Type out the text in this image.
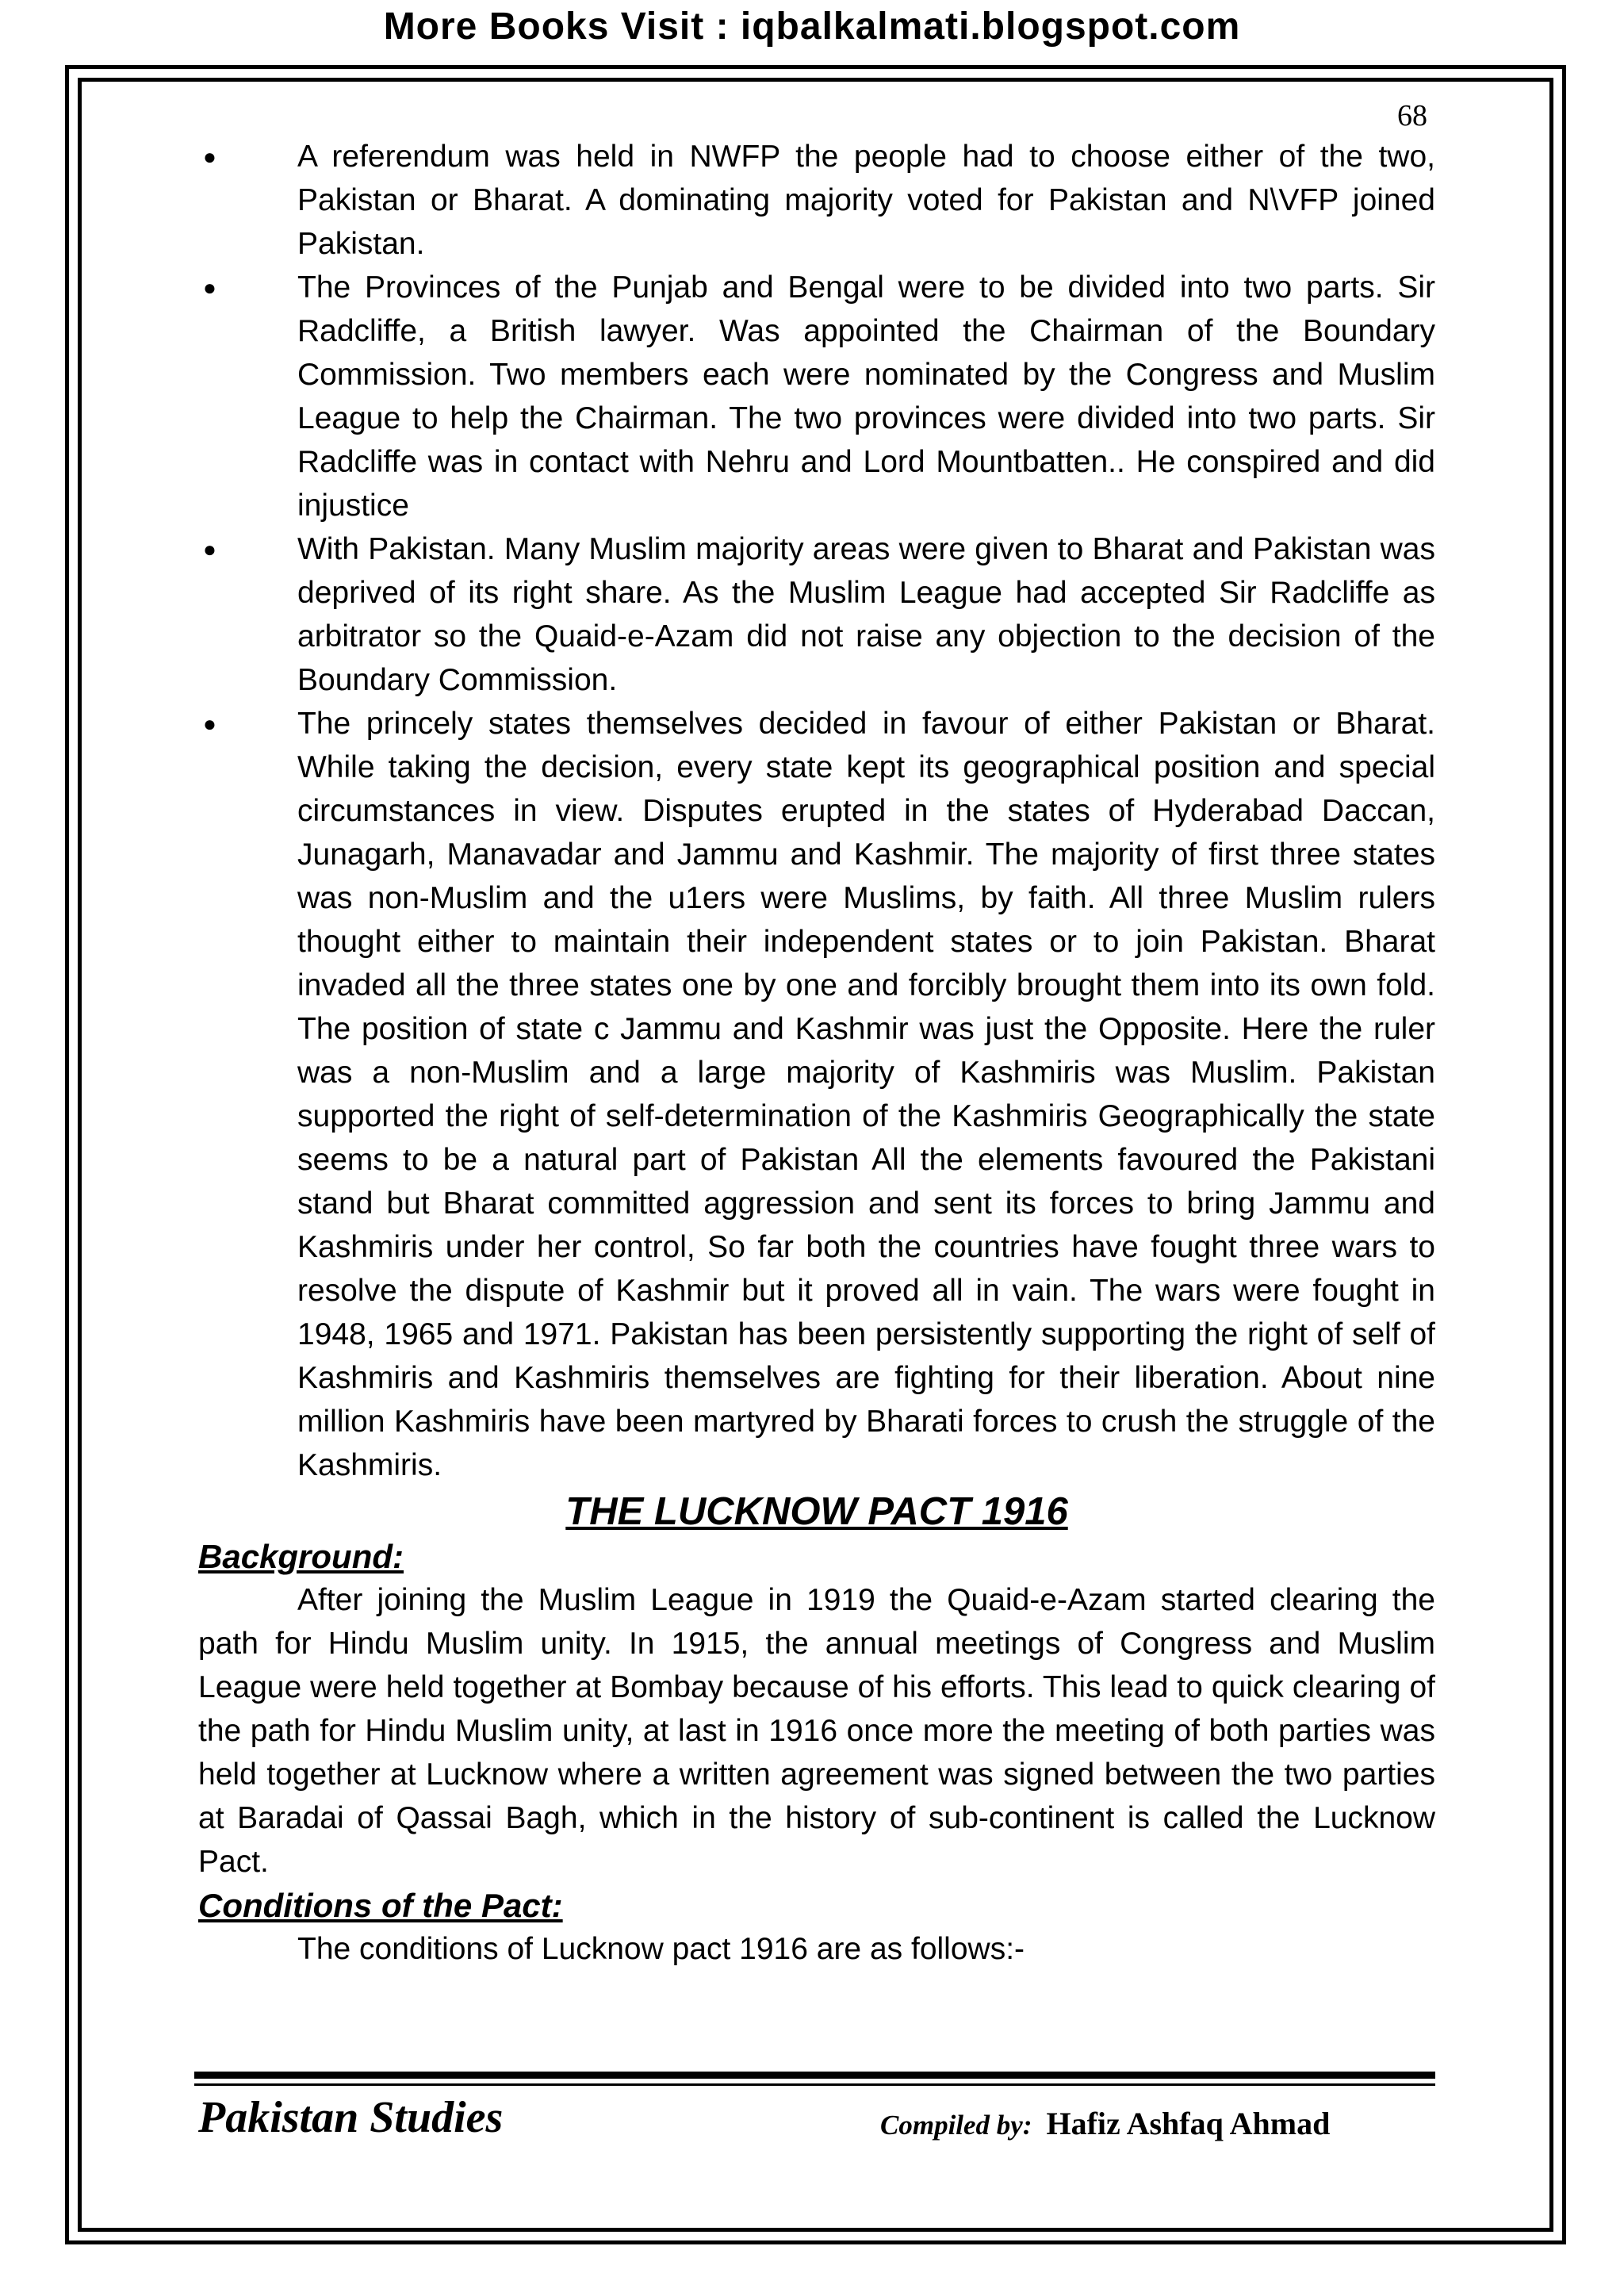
More Books Visit : iqbalkalmati.blogspot.com
68
●	A referendum was held in NWFP the people had to choose either of the two, Pakistan or Bharat. A dominating majority voted for Pakistan and N\VFP joined Pakistan.
●	The Provinces of the Punjab and Bengal were to be divided into two parts. Sir Radcliffe, a British lawyer. Was appointed the Chairman of the Boundary Commission. Two members each were nominated by the Congress and Muslim League to help the Chairman. The two provinces were divided into two parts. Sir Radcliffe was in contact with Nehru and Lord Mountbatten.. He conspired and did injustice
●	With Pakistan. Many Muslim majority areas were given to Bharat and Pakistan was deprived of its right share. As the Muslim League had accepted Sir Radcliffe as arbitrator so the Quaid-e-Azam did not raise any objection to the decision of the Boundary Commission.
●	The princely states themselves decided in favour of either Pakistan or Bharat. While taking the decision, every state kept its geographical position and special circumstances in view. Disputes erupted in the states of Hyderabad Daccan, Junagarh, Manavadar and Jammu and Kashmir. The majority of first three states was non-Muslim and the u1ers were Muslims, by faith. All three Muslim rulers thought either to maintain their independent states or to join Pakistan. Bharat invaded all the three states one by one and forcibly brought them into its own fold. The position of state c Jammu and Kashmir was just the Opposite. Here the ruler was a non-Muslim and a large majority of Kashmiris was Muslim. Pakistan supported the right of self-determination of the Kashmiris Geographically the state seems to be a natural part of Pakistan All the elements favoured the Pakistani stand but Bharat committed aggression and sent its forces to bring Jammu and Kashmiris under her control, So far both the countries have fought three wars to resolve the dispute of Kashmir but it proved all in vain. The wars were fought in 1948, 1965 and 1971. Pakistan has been persistently supporting the right of self of Kashmiris and Kashmiris themselves are fighting for their liberation. About nine million Kashmiris have been martyred by Bharati forces to crush the struggle of the Kashmiris.
THE LUCKNOW PACT 1916
Background:

After joining the Muslim League in 1919 the Quaid-e-Azam started clearing the path for Hindu Muslim unity. In 1915, the annual meetings of Congress and Muslim League were held together at Bombay because of his efforts. This lead to quick clearing of the path for Hindu Muslim unity, at last in 1916 once more the meeting of both parties was held together at Lucknow where a written agreement was signed between the two parties at Baradai of Qassai Bagh, which in the history of sub-continent is called the Lucknow Pact.

Conditions of the Pact:

The conditions of Lucknow pact 1916 are as follows:-

Pakistan Studies	Compiled by: Hafiz Ashfaq Ahmad
